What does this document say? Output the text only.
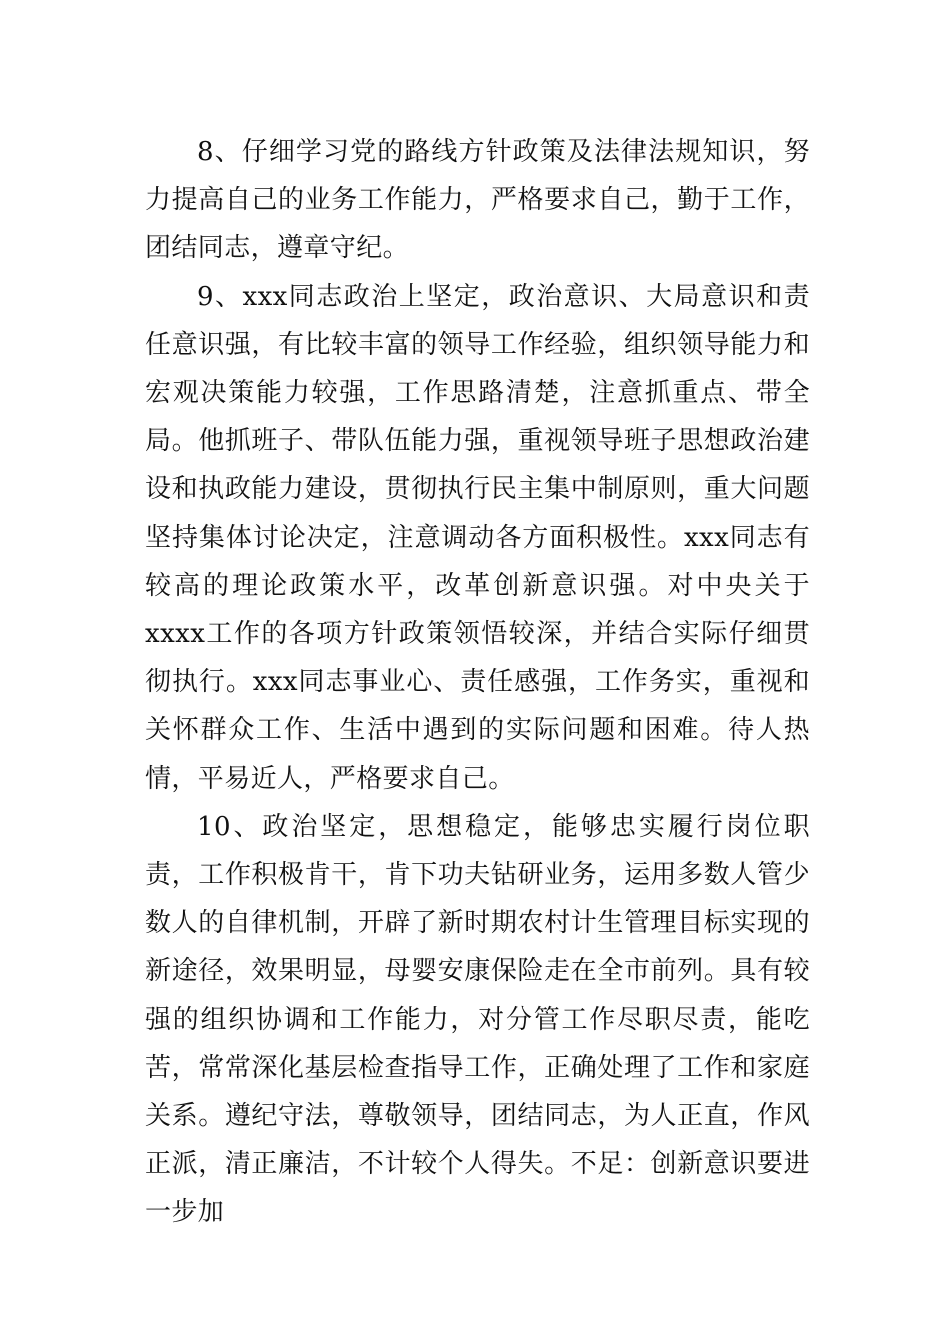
8、仔细学习党的路线方针政策及法律法规知识，努力提高自己的业务工作能力，严格要求自己，勤于工作，团结同志，遵章守纪。

9、xxx同志政治上坚定，政治意识、大局意识和责任意识强，有比较丰富的领导工作经验，组织领导能力和宏观决策能力较强，工作思路清楚，注意抓重点、带全局。他抓班子、带队伍能力强，重视领导班子思想政治建设和执政能力建设，贯彻执行民主集中制原则，重大问题坚持集体讨论决定，注意调动各方面积极性。xxx同志有较高的理论政策水平，改革创新意识强。对中央关于xxxx工作的各项方针政策领悟较深，并结合实际仔细贯彻执行。xxx同志事业心、责任感强，工作务实，重视和关怀群众工作、生活中遇到的实际问题和困难。待人热情，平易近人，严格要求自己。

10、政治坚定，思想稳定，能够忠实履行岗位职责，工作积极肯干，肯下功夫钻研业务，运用多数人管少数人的自律机制，开辟了新时期农村计生管理目标实现的新途径，效果明显，母婴安康保险走在全市前列。具有较强的组织协调和工作能力，对分管工作尽职尽责，能吃苦，常常深化基层检查指导工作，正确处理了工作和家庭关系。遵纪守法，尊敬领导，团结同志，为人正直，作风正派，清正廉洁，不计较个人得失。不足：创新意识要进一步加
